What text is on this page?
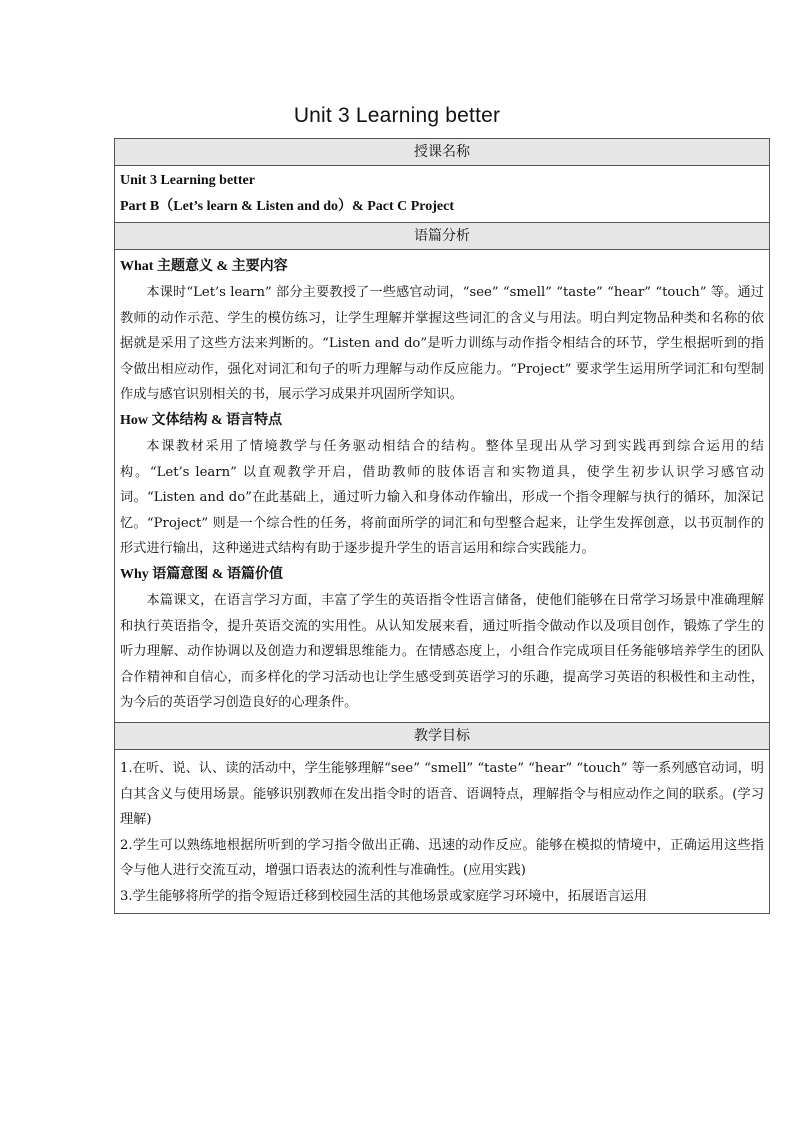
Unit 3 Learning better
授课名称

Unit 3 Learning better
Part B（Let’s learn & Listen and do）& Pact C Project

语篇分析

What 主题意义 & 主要内容

本课时“Let’s learn” 部分主要教授了一些感官动词，“see” “smell” “taste” “hear” “touch” 等。通过教师的动作示范、学生的模仿练习，让学生理解并掌握这些词汇的含义与用法。明白判定物品种类和名称的依据就是采用了这些方法来判断的。“Listen and do”是听力训练与动作指令相结合的环节，学生根据听到的指令做出相应动作，强化对词汇和句子的听力理解与动作反应能力。“Project” 要求学生运用所学词汇和句型制作成与感官识别相关的书，展示学习成果并巩固所学知识。

How 文体结构 & 语言特点

本课教材采用了情境教学与任务驱动相结合的结构。整体呈现出从学习到实践再到综合运用的结构。“Let’s learn” 以直观教学开启，借助教师的肢体语言和实物道具，使学生初步认识学习感官动词。“Listen and do”在此基础上，通过听力输入和身体动作输出，形成一个指令理解与执行的循环，加深记忆。“Project” 则是一个综合性的任务，将前面所学的词汇和句型整合起来，让学生发挥创意，以书页制作的形式进行输出，这种递进式结构有助于逐步提升学生的语言运用和综合实践能力。

Why 语篇意图 & 语篇价值

本篇课文，在语言学习方面，丰富了学生的英语指令性语言储备，使他们能够在日常学习场景中准确理解和执行英语指令，提升英语交流的实用性。从认知发展来看，通过听指令做动作以及项目创作，锻炼了学生的听力理解、动作协调以及创造力和逻辑思维能力。在情感态度上，小组合作完成项目任务能够培养学生的团队合作精神和自信心，而多样化的学习活动也让学生感受到英语学习的乐趣，提高学习英语的积极性和主动性，为今后的英语学习创造良好的心理条件。

教学目标

1.在听、说、认、读的活动中，学生能够理解“see” “smell” “taste” “hear” “touch” 等一系列感官动词，明白其含义与使用场景。能够识别教师在发出指令时的语音、语调特点，理解指令与相应动作之间的联系。(学习理解)

2.学生可以熟练地根据所听到的学习指令做出正确、迅速的动作反应。能够在模拟的情境中，正确运用这些指令与他人进行交流互动，增强口语表达的流利性与准确性。(应用实践)

3.学生能够将所学的指令短语迁移到校园生活的其他场景或家庭学习环境中，拓展语言运用
